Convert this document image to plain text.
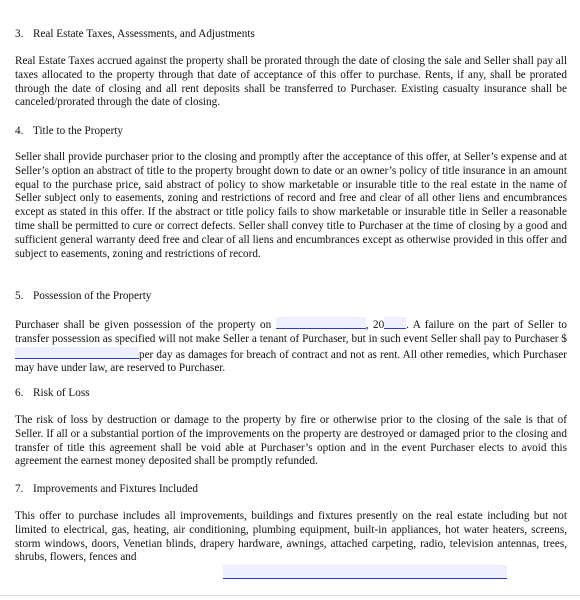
3. Real Estate Taxes, Assessments, and Adjustments
Real Estate Taxes accrued against the property shall be prorated through the date of closing the sale and Seller shall pay all taxes allocated to the property through that date of acceptance of this offer to purchase. Rents, if any, shall be prorated through the date of closing and all rent deposits shall be transferred to Purchaser. Existing casualty insurance shall be canceled/prorated through the date of closing.
4. Title to the Property
Seller shall provide purchaser prior to the closing and promptly after the acceptance of this offer, at Seller’s expense and at Seller’s option an abstract of title to the property brought down to date or an owner’s policy of title insurance in an amount equal to the purchase price, said abstract of policy to show marketable or insurable title to the real estate in the name of Seller subject only to easements, zoning and restrictions of record and free and clear of all other liens and encumbrances except as stated in this offer. If the abstract or title policy fails to show marketable or insurable title in Seller a reasonable time shall be permitted to cure or correct defects. Seller shall convey title to Purchaser at the time of closing by a good and sufficient general warranty deed free and clear of all liens and encumbrances except as otherwise provided in this offer and subject to easements, zoning and restrictions of record.
5. Possession of the Property
Purchaser shall be given possession of the property on	, 20 . A failure on the part of Seller to transfer possession as specified will not make Seller a tenant of Purchaser, but in such event Seller shall pay to Purchaser $per day as damages for breach of contract and not as rent. All other remedies, which Purchaser may have under law, are reserved to Purchaser.
6. Risk of Loss
The risk of loss by destruction or damage to the property by fire or otherwise prior to the closing of the sale is that of Seller. If all or a substantial portion of the improvements on the property are destroyed or damaged prior to the closing and transfer of title this agreement shall be void able at Purchaser’s option and in the event Purchaser elects to avoid this agreement the earnest money deposited shall be promptly refunded.
7. Improvements and Fixtures Included
This offer to purchase includes all improvements, buildings and fixtures presently on the real estate including but not limited to electrical, gas, heating, air conditioning, plumbing equipment, built-in appliances, hot water heaters, screens, storm windows, doors, Venetian blinds, drapery hardware, awnings, attached carpeting, radio, television antennas, trees, shrubs, flowers, fences and
